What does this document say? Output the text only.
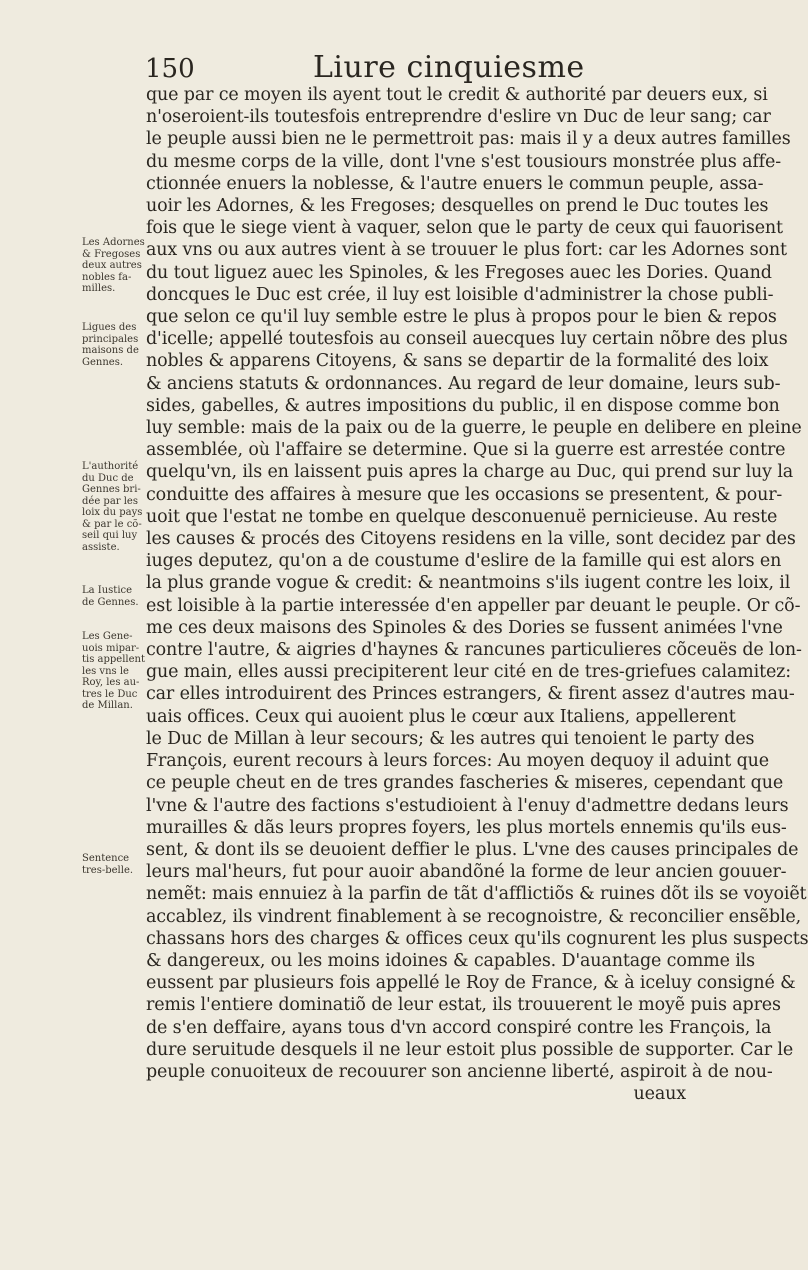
150	Liure cinquiesme
que par ce moyen ils ayent tout le credit & authorité par deuers eux, si
n'oseroient-ils toutesfois entreprendre d'eslire vn Duc de leur sang; car
le peuple aussi bien ne le permettroit pas: mais il y a deux autres familles
du mesme corps de la ville, dont l'vne s'est tousiours monstrée plus affe-
ctionnée enuers la noblesse, & l'autre enuers le commun peuple, assa-
uoir les Adornes, & les Fregoses; desquelles on prend le Duc toutes les
fois que le siege vient à vaquer, selon que le party de ceux qui fauorisent
aux vns ou aux autres vient à se trouuer le plus fort: car les Adornes sont
du tout liguez auec les Spinoles, & les Fregoses auec les Dories. Quand
doncques le Duc est crée, il luy est loisible d'administrer la chose publi-
que selon ce qu'il luy semble estre le plus à propos pour le bien & repos
d'icelle; appellé toutesfois au conseil auecques luy certain nõbre des plus
nobles & apparens Citoyens, & sans se departir de la formalité des loix
& anciens statuts & ordonnances. Au regard de leur domaine, leurs sub-
sides, gabelles, & autres impositions du public, il en dispose comme bon
luy semble: mais de la paix ou de la guerre, le peuple en delibere en pleine
assemblée, où l'affaire se determine. Que si la guerre est arrestée contre
quelqu'vn, ils en laissent puis apres la charge au Duc, qui prend sur luy la
conduitte des affaires à mesure que les occasions se presentent, & pour-
uoit que l'estat ne tombe en quelque desconuenuë pernicieuse. Au reste
les causes & procés des Citoyens residens en la ville, sont decidez par des
iuges deputez, qu'on a de coustume d'eslire de la famille qui est alors en
la plus grande vogue & credit: & neantmoins s'ils iugent contre les loix, il
est loisible à la partie interessée d'en appeller par deuant le peuple. Or cõ-
me ces deux maisons des Spinoles & des Dories se fussent animées l'vne
contre l'autre, & aigries d'haynes & rancunes particulieres cõceuës de lon-
gue main, elles aussi precipiterent leur cité en de tres-griefues calamitez:
car elles introduirent des Princes estrangers, & firent assez d'autres mau-
uais offices. Ceux qui auoient plus le cœur aux Italiens, appellerent
le Duc de Millan à leur secours; & les autres qui tenoient le party des
François, eurent recours à leurs forces: Au moyen dequoy il aduint que
ce peuple cheut en de tres grandes fascheries & miseres, cependant que
l'vne & l'autre des factions s'estudioient à l'enuy d'admettre dedans leurs
murailles & dãs leurs propres foyers, les plus mortels ennemis qu'ils eus-
sent, & dont ils se deuoient deffier le plus. L'vne des causes principales de
leurs mal'heurs, fut pour auoir abandõné la forme de leur ancien gouuer-
nemẽt: mais ennuiez à la parfin de tãt d'afflictiõs & ruines dõt ils se voyoiẽt
accablez, ils vindrent finablement à se recognoistre, & reconcilier ensẽble,
chassans hors des charges & offices ceux qu'ils cognurent les plus suspects
& dangereux, ou les moins idoines & capables. D'auantage comme ils
eussent par plusieurs fois appellé le Roy de France, & à iceluy consigné &
remis l'entiere dominatiõ de leur estat, ils trouuerent le moyẽ puis apres
de s'en deffaire, ayans tous d'vn accord conspiré contre les François, la
dure seruitude desquels il ne leur estoit plus possible de supporter. Car le
peuple conuoiteux de recouurer son ancienne liberté, aspiroit à de nou-
ueaux
Les Adornes
& Fregoses
deux autres
nobles fa-
milles.
Ligues des
principales
maisons de
Gennes.
L'authorité
du Duc de
Gennes bri-
dée par les
loix du pays
& par le cõ-
seil qui luy
assiste.
La Iustice
de Gennes.
Les Gene-
uois mipar-
tis appellent
les vns le
Roy, les au-
tres le Duc
de Millan.
Sentence
tres-belle.
